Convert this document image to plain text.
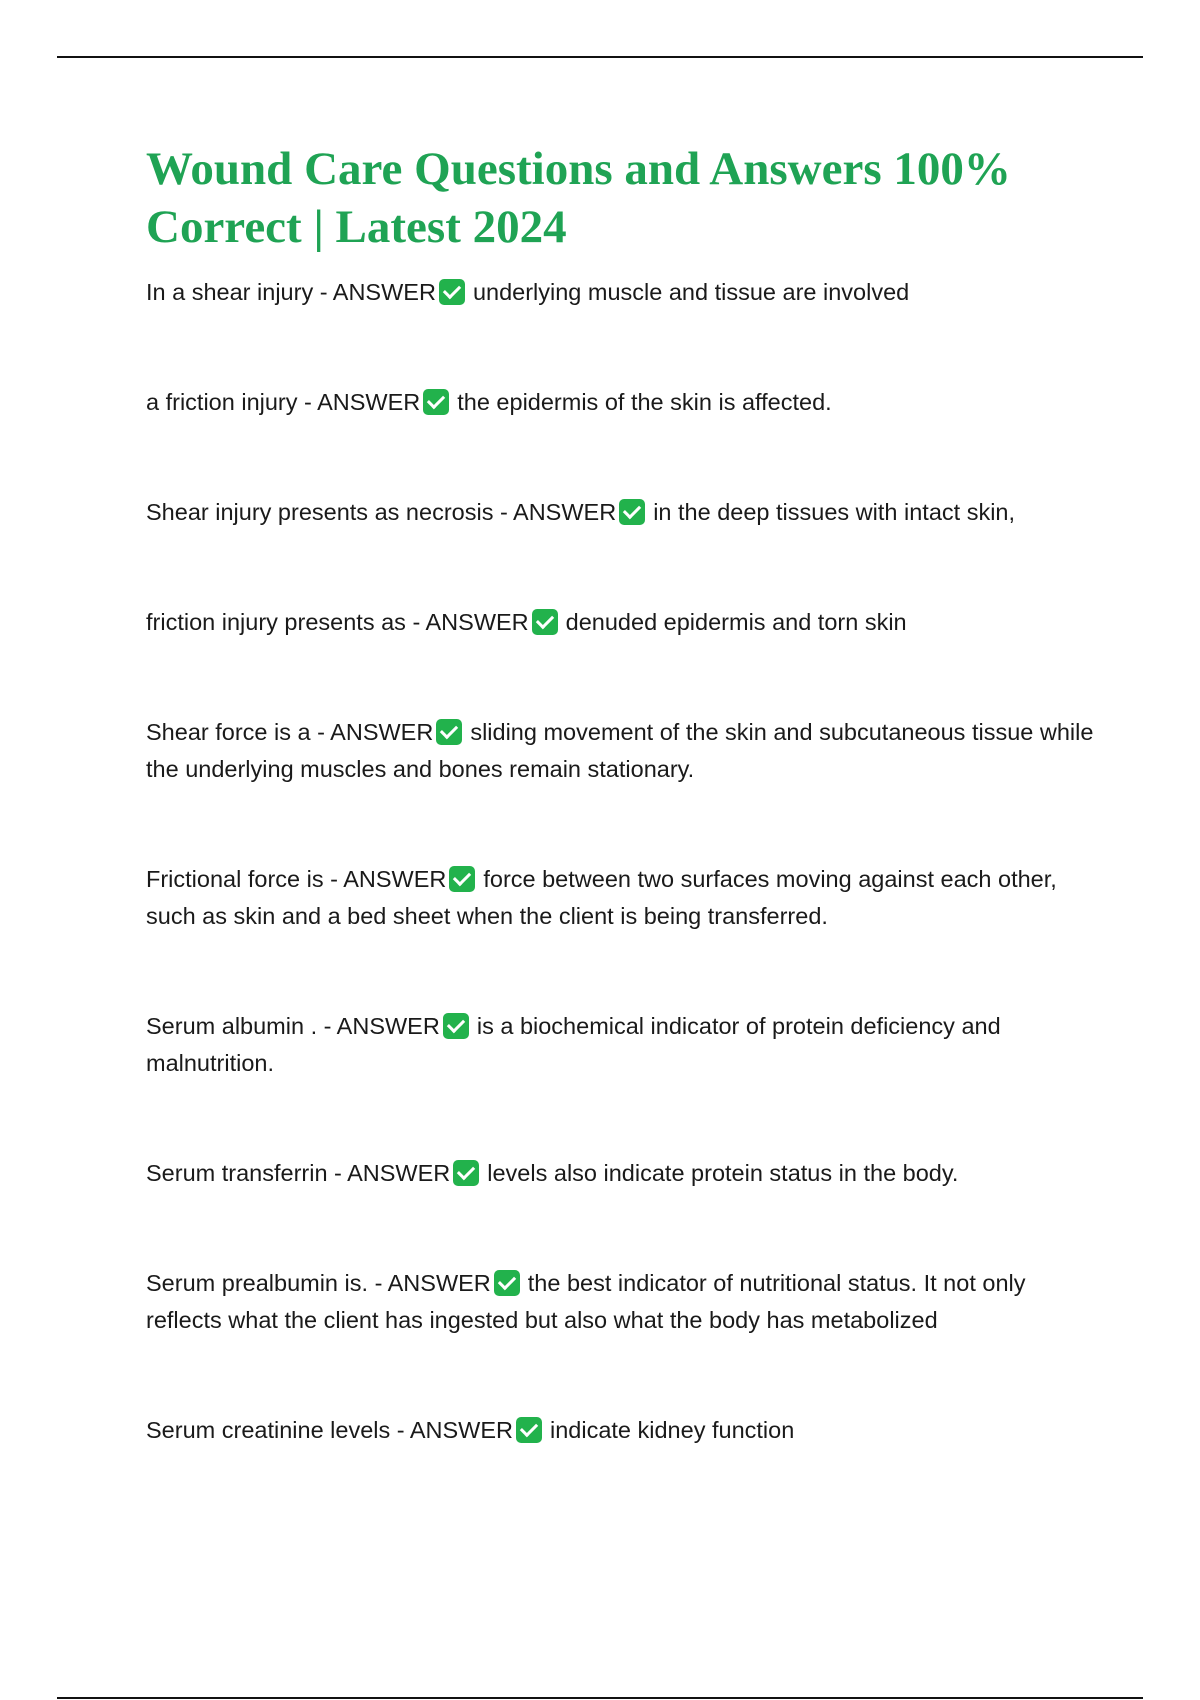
Wound Care Questions and Answers 100% Correct | Latest 2024
In a shear injury - ANSWER underlying muscle and tissue are involved
a friction injury - ANSWER the epidermis of the skin is affected.
Shear injury presents as necrosis - ANSWER in the deep tissues with intact skin,
friction injury presents as - ANSWER denuded epidermis and torn skin
Shear force is a - ANSWER sliding movement of the skin and subcutaneous tissue while the underlying muscles and bones remain stationary.
Frictional force is - ANSWER force between two surfaces moving against each other, such as skin and a bed sheet when the client is being transferred.
Serum albumin . - ANSWER is a biochemical indicator of protein deficiency and malnutrition.
Serum transferrin - ANSWER levels also indicate protein status in the body.
Serum prealbumin is. - ANSWER the best indicator of nutritional status. It not only reflects what the client has ingested but also what the body has metabolized
Serum creatinine levels - ANSWER indicate kidney function
